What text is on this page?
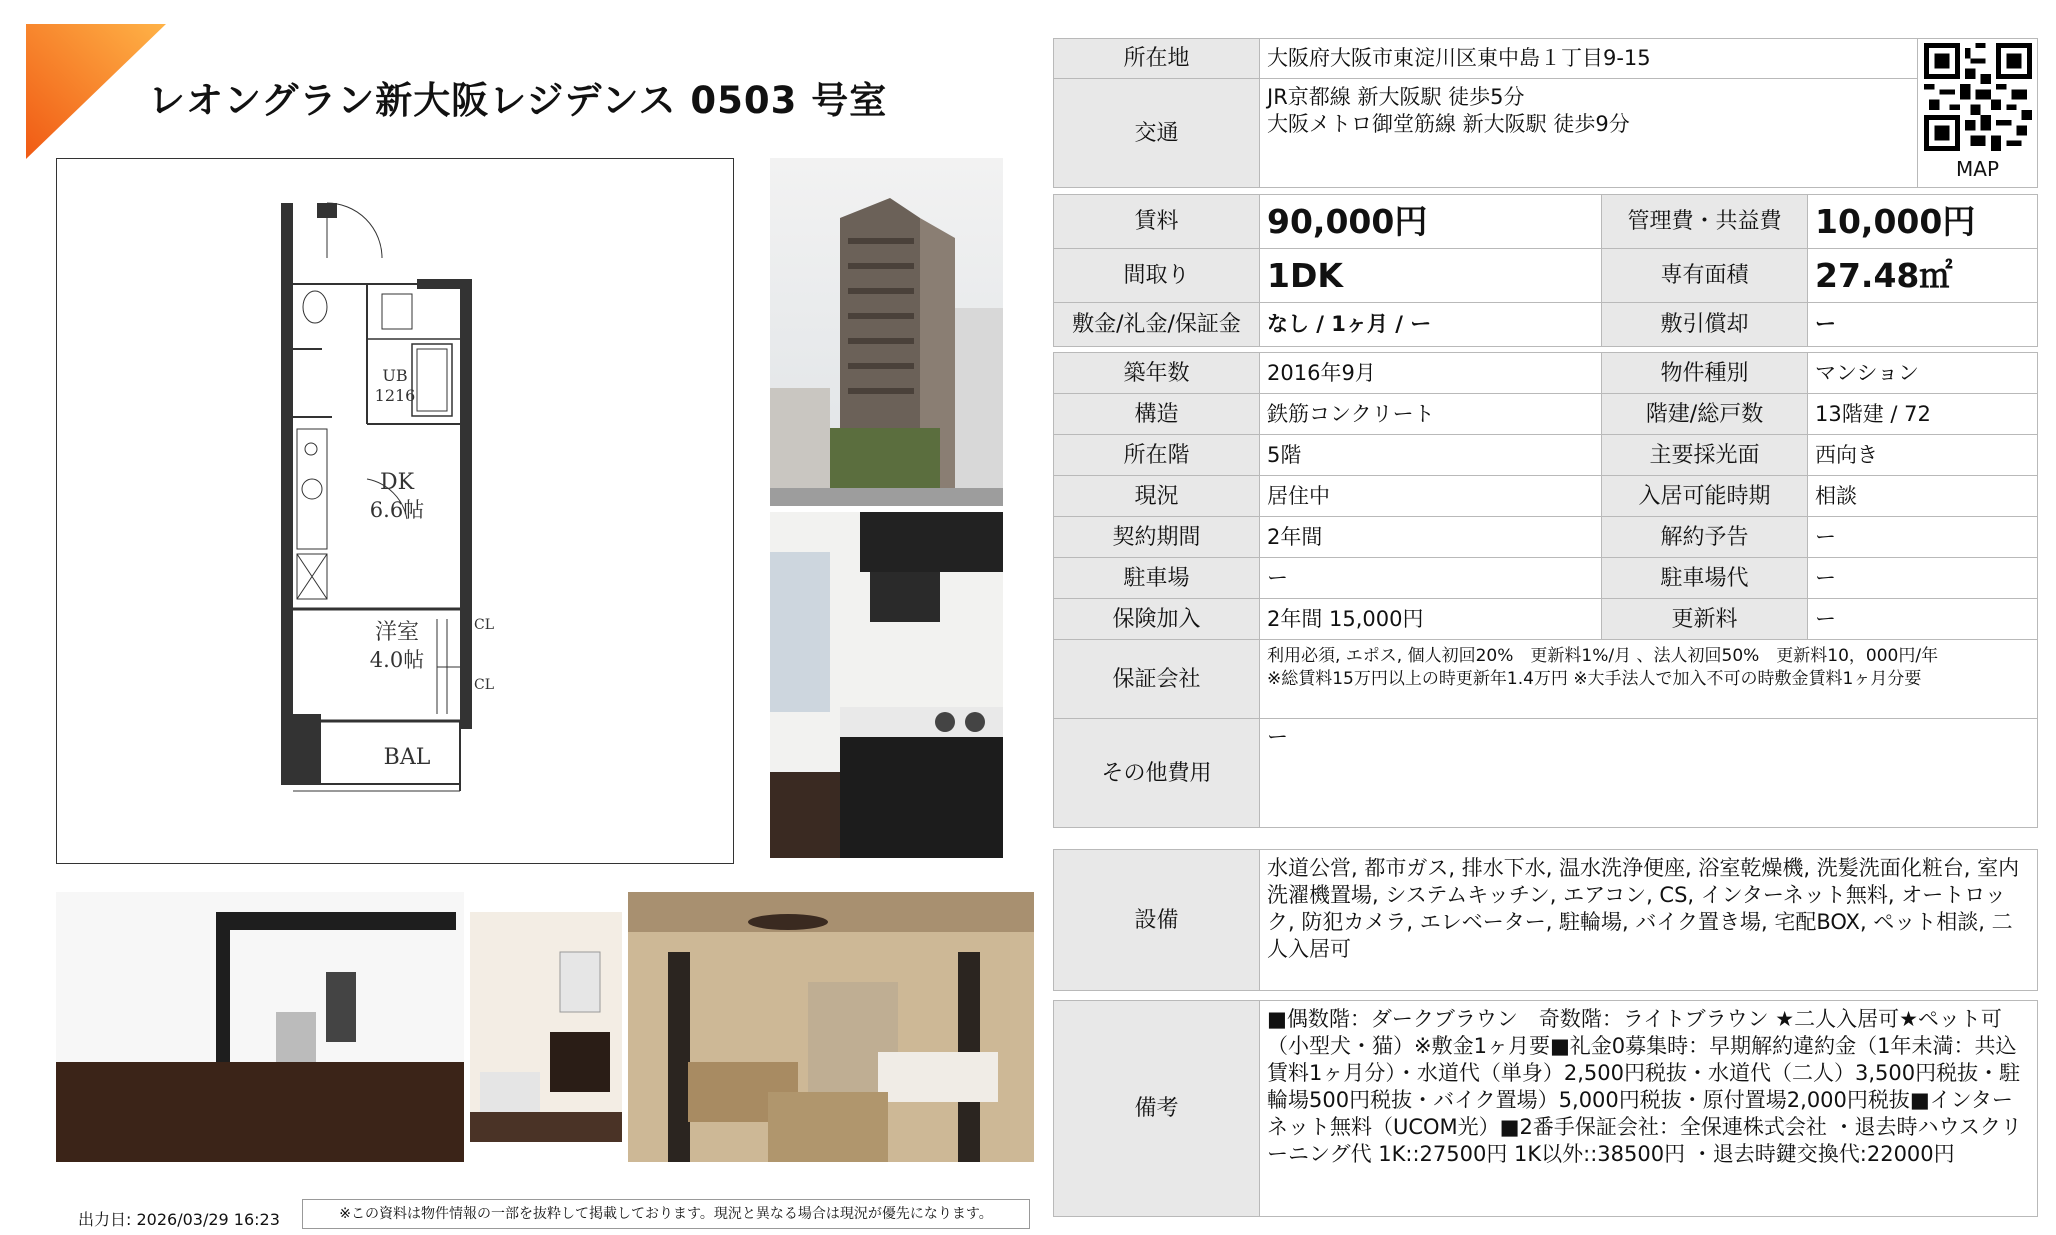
レオングラン新大阪レジデンス 0503 号室
UB
1216
DK
6.6帖
洋室
4.0帖
CL
CL
BAL
出力日: 2026/03/29 16:23	※この資料は物件情報の一部を抜粋して掲載しております。現況と異なる場合は現況が優先になります。
所在地	大阪府大阪市東淀川区東中島１丁目9-15	MAP

交通	JR京都線 新大阪駅 徒歩5分
大阪メトロ御堂筋線 新大阪駅 徒歩9分	
賃料	90,000円	管理費・共益費	10,000円
間取り	1DK	専有面積	27.48㎡
敷金/礼金/保証金	なし / 1ヶ月 / ー	敷引償却	ー
築年数	2016年9月	物件種別	マンション
構造	鉄筋コンクリート	階建/総戸数	13階建 / 72
所在階	5階	主要採光面	西向き
現況	居住中	入居可能時期	相談
契約期間	2年間	解約予告	ー
駐車場	ー	駐車場代	ー
保険加入	2年間 15,000円	更新料	ー
保証会社	利用必須, エポス, 個人初回20%　更新料1%/月 、法人初回50%　更新料10，000円/年
※総賃料15万円以上の時更新年1.4万円 ※大手法人で加入不可の時敷金賃料1ヶ月分要		

その他費用	ー		
設備	水道公営, 都市ガス, 排水下水, 温水洗浄便座, 浴室乾燥機, 洗髪洗面化粧台, 室内洗濯機置場, システムキッチン, エアコン, CS, インターネット無料, オートロック, 防犯カメラ, エレベーター, 駐輪場, バイク置き場, 宅配BOX, ペット相談, 二人入居可
備考	■偶数階：ダークブラウン　奇数階：ライトブラウン ★二人入居可★ペット可（小型犬・猫）※敷金1ヶ月要■礼金0募集時：早期解約違約金（1年未満：共込賃料1ヶ月分）・水道代（単身）2,500円税抜・水道代（二人）3,500円税抜・駐輪場500円税抜・バイク置場）5,000円税抜・原付置場2,000円税抜■インターネット無料（UCOM光）■2番手保証会社：全保連株式会社 ・退去時ハウスクリーニング代 1K::27500円 1K以外::38500円 ・退去時鍵交換代:22000円
